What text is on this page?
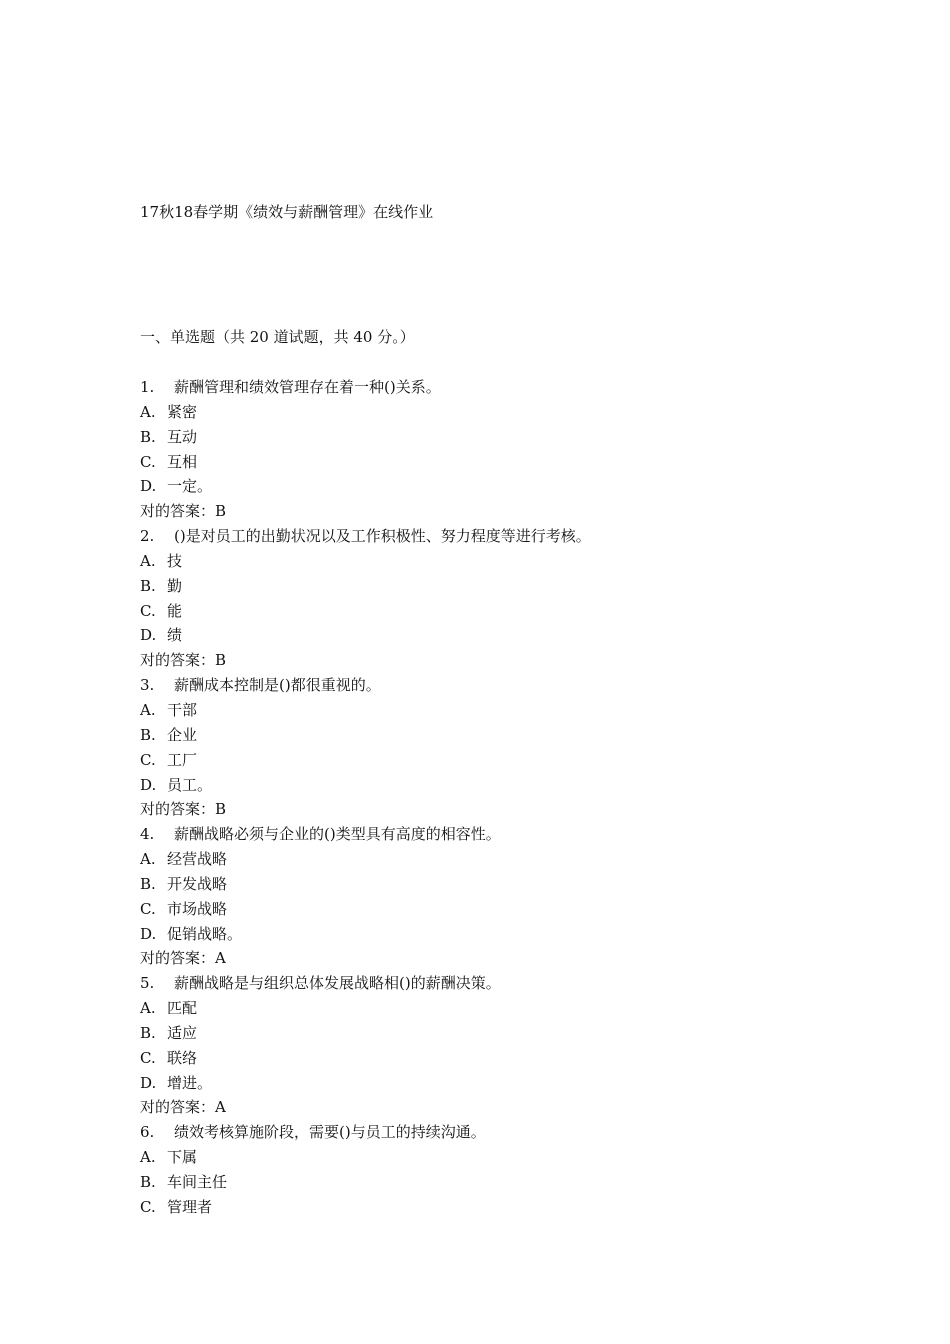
17秋18春学期《绩效与薪酬管理》在线作业
一、单选题（共 20 道试题，共 40 分。）
1. 薪酬管理和绩效管理存在着一种()关系。
A. 紧密
B. 互动
C. 互相
D. 一定。
对的答案：B
2. ()是对员工的出勤状况以及工作积极性、努力程度等进行考核。
A. 技
B. 勤
C. 能
D. 绩
对的答案：B
3. 薪酬成本控制是()都很重视的。
A. 干部
B. 企业
C. 工厂
D. 员工。
对的答案：B
4. 薪酬战略必须与企业的()类型具有高度的相容性。
A. 经营战略
B. 开发战略
C. 市场战略
D. 促销战略。
对的答案：A
5. 薪酬战略是与组织总体发展战略相()的薪酬决策。
A. 匹配
B. 适应
C. 联络
D. 增进。
对的答案：A
6. 绩效考核算施阶段，需要()与员工的持续沟通。
A. 下属
B. 车间主任
C. 管理者
